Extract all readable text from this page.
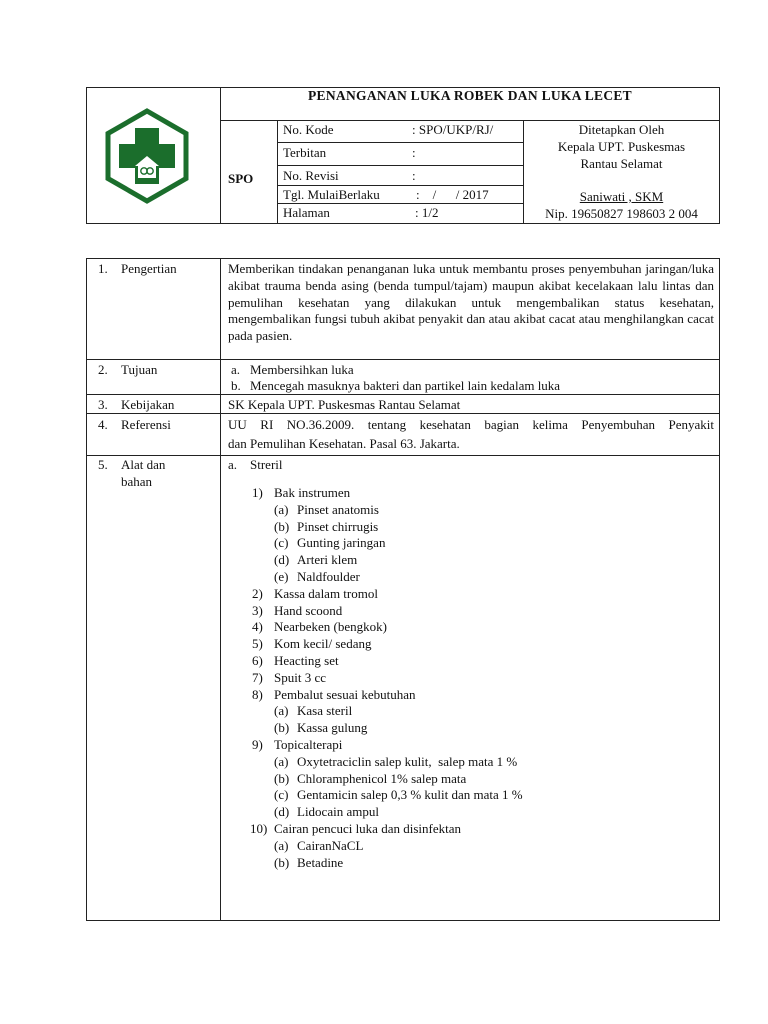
PENANGANAN LUKA ROBEK DAN LUKA LECET
SPO
No. Kode	: SPO/UKP/RJ/
Terbitan	:
No. Revisi	:
Tgl. MulaiBerlaku	:    /      / 2017
Halaman	: 1/2
Ditetapkan Oleh
Kepala UPT. Puskesmas
Rantau Selamat
Saniwati , SKM
Nip. 19650827 198603 2 004
1. Pengertian	Memberikan tindakan penanganan luka untuk membantu proses penyembuhan jaringan/luka akibat trauma benda asing (benda tumpul/tajam) maupun akibat kecelakaan lalu lintas dan pemulihan kesehatan yang dilakukan untuk mengembalikan status kesehatan, mengembalikan fungsi tubuh akibat penyakit dan atau akibat cacat atau menghilangkan cacat pada pasien.
2. Tujuan	a. Membersihkan luka
b. Mencegah masuknya bakteri dan partikel lain kedalam luka
3. Kebijakan	SK Kepala UPT. Puskesmas Rantau Selamat
4. Referensi	UU RI NO.36.2009. tentang kesehatan bagian kelima Penyembuhan Penyakit
dan Pemulihan Kesehatan. Pasal 63. Jakarta.
5. Alat dan
bahan
a. Streril
1) Bak instrumen
(a) Pinset anatomis
(b) Pinset chirrugis
(c) Gunting jaringan
(d) Arteri klem
(e) Naldfoulder
2) Kassa dalam tromol
3) Hand scoond
4) Nearbeken (bengkok)
5) Kom kecil/ sedang
6) Heacting set
7) Spuit 3 cc
8) Pembalut sesuai kebutuhan
(a) Kasa steril
(b) Kassa gulung
9) Topicalterapi
(a) Oxytetraciclin salep kulit,  salep mata 1 %
(b) Chloramphenicol 1% salep mata
(c) Gentamicin salep 0,3 % kulit dan mata 1 %
(d) Lidocain ampul
10) Cairan pencuci luka dan disinfektan
(a) CairanNaCL
(b) Betadine
